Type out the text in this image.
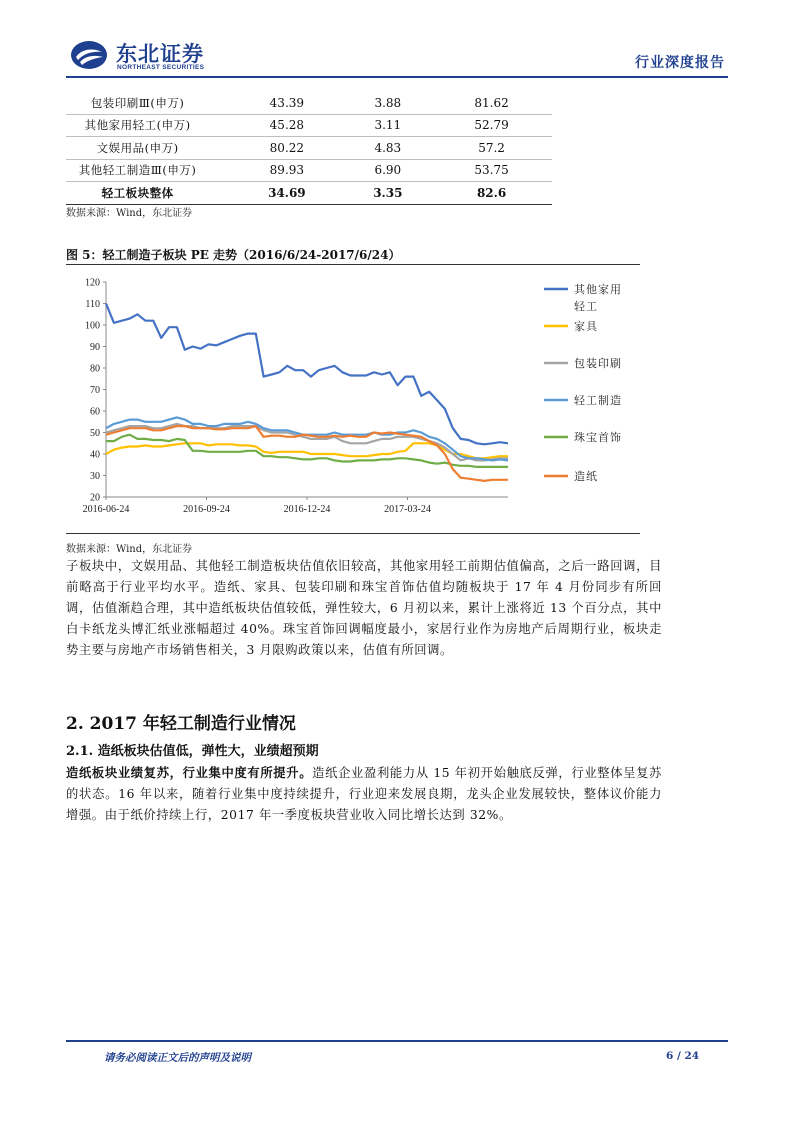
东北证券
NORTHEAST SECURITIES	行业深度报告
包装印刷Ⅲ(申万)	43.39	3.88	81.62
其他家用轻工(申万)	45.28	3.11	52.79
文娱用品(申万)	80.22	4.83	57.2
其他轻工制造Ⅲ(申万)	89.93	6.90	53.75
轻工板块整体	34.69	3.35	82.6
数据来源：Wind，东北证券
图 5：轻工制造子板块 PE 走势（2016/6/24-2017/6/24）
20
30
40
50
60
70
80
90
100
110
120
2016-06-24	2016-09-24	2016-12-24	2017-03-24
其他家用
轻工
家具
包装印刷
轻工制造
珠宝首饰
造纸
数据来源：Wind，东北证券
子板块中，文娱用品、其他轻工制造板块估值依旧较高，其他家用轻工前期估值偏高，之后一路回调，目前略高于行业平均水平。造纸、家具、包装印刷和珠宝首饰估值均随板块于 17 年 4 月份同步有所回调，估值渐趋合理，其中造纸板块估值较低，弹性较大，6 月初以来，累计上涨将近 13 个百分点，其中白卡纸龙头博汇纸业涨幅超过 40%。珠宝首饰回调幅度最小，家居行业作为房地产后周期行业，板块走势主要与房地产市场销售相关，3 月限购政策以来，估值有所回调。
2. 2017 年轻工制造行业情况
2.1. 造纸板块估值低，弹性大，业绩超预期
造纸板块业绩复苏，行业集中度有所提升。造纸企业盈利能力从 15 年初开始触底反弹，行业整体呈复苏的状态。16 年以来，随着行业集中度持续提升，行业迎来发展良期，龙头企业发展较快，整体议价能力增强。由于纸价持续上行，2017 年一季度板块营业收入同比增长达到 32%。
请务必阅读正文后的声明及说明	6 / 24
